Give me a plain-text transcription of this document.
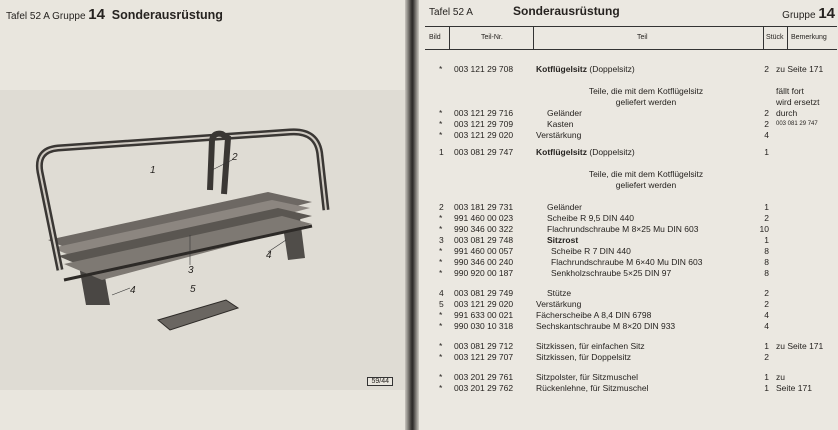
Tafel 52 A Gruppe 14 Sonderausrüstung
1
2
3
4
4
5
59/44
Tafel 52 A	Sonderausrüstung	Gruppe 14
Bild	Teil-Nr.	Teil	Stück Bemerkung
* 003 121 29 708	Kotflügelsitz (Doppelsitz)	2 zu Seite 171
Teile, die mit dem Kotflügelsitz	fällt fort
geliefert werden	wird ersetzt
* 003 121 29 716	Geländer	2 durch
* 003 121 29 709	Kasten	2 003 081 29 747
* 003 121 29 020	Verstärkung	4
1 003 081 29 747	Kotflügelsitz (Doppelsitz)	1
Teile, die mit dem Kotflügelsitz
geliefert werden
2 003 181 29 731	Geländer	1
* 991 460 00 023	Scheibe R 9,5 DIN 440	2
* 990 346 00 322	Flachrundschraube M 8×25 Mu DIN 603	10
3 003 081 29 748	Sitzrost	1
* 991 460 00 057	Scheibe R 7 DIN 440	8
* 990 346 00 240	Flachrundschraube M 6×40 Mu DIN 603	8
* 990 920 00 187	Senkholzschraube 5×25 DIN 97	8
4 003 081 29 749	Stütze	2
5 003 121 29 020	Verstärkung	2
* 991 633 00 021	Fächerscheibe A 8,4 DIN 6798	4
* 990 030 10 318	Sechskantschraube M 8×20 DIN 933	4
* 003 081 29 712	Sitzkissen, für einfachen Sitz	1 zu Seite 171
* 003 121 29 707	Sitzkissen, für Doppelsitz	2
* 003 201 29 761	Sitzpolster, für Sitzmuschel	1 zu
* 003 201 29 762	Rückenlehne, für Sitzmuschel	1 Seite 171
